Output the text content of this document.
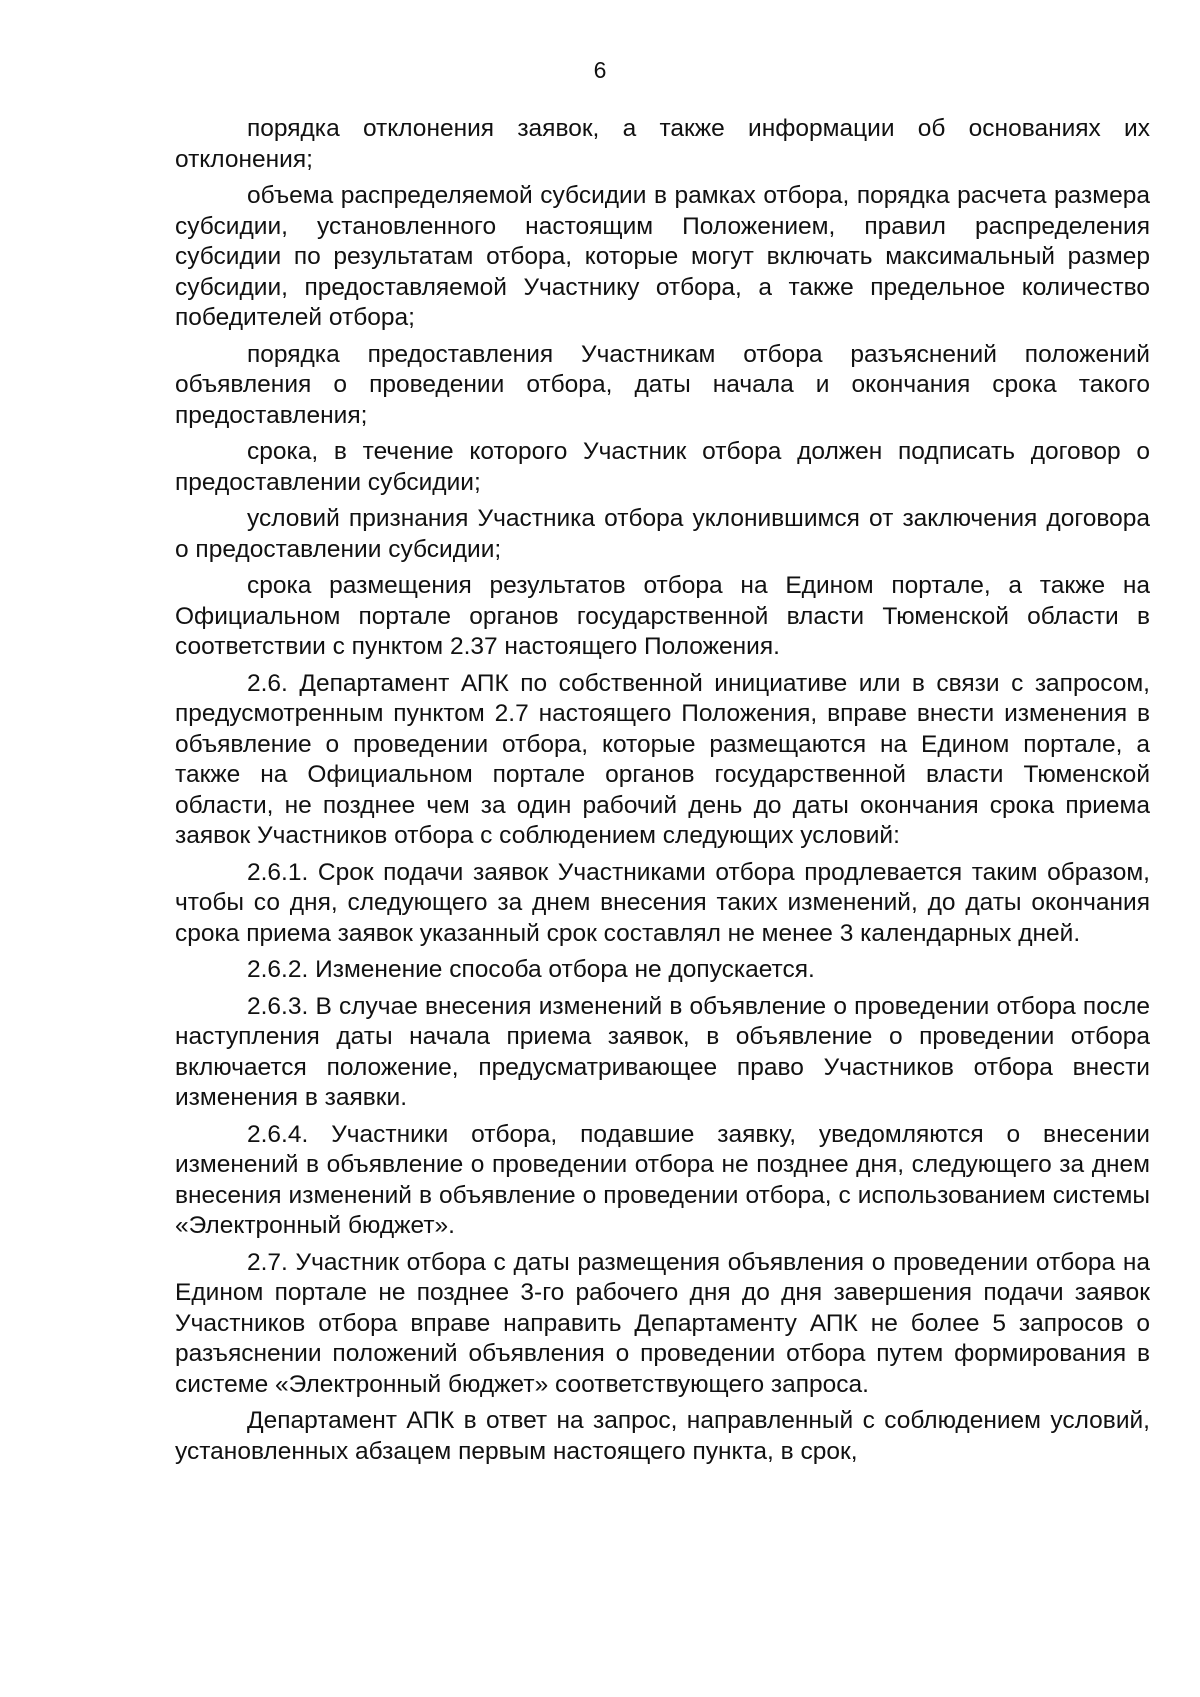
6

порядка отклонения заявок, а также информации об основаниях их отклонения;

объема распределяемой субсидии в рамках отбора, порядка расчета размера субсидии, установленного настоящим Положением, правил распределения субсидии по результатам отбора, которые могут включать максимальный размер субсидии, предоставляемой Участнику отбора, а также предельное количество победителей отбора;

порядка предоставления Участникам отбора разъяснений положений объявления о проведении отбора, даты начала и окончания срока такого предоставления;

срока, в течение которого Участник отбора должен подписать договор о предоставлении субсидии;

условий признания Участника отбора уклонившимся от заключения договора о предоставлении субсидии;

срока размещения результатов отбора на Едином портале, а также на Официальном портале органов государственной власти Тюменской области в соответствии с пунктом 2.37 настоящего Положения.

2.6. Департамент АПК по собственной инициативе или в связи с запросом, предусмотренным пунктом 2.7 настоящего Положения, вправе внести изменения в объявление о проведении отбора, которые размещаются на Едином портале, а также на Официальном портале органов государственной власти Тюменской области, не позднее чем за один рабочий день до даты окончания срока приема заявок Участников отбора с соблюдением следующих условий:

2.6.1. Срок подачи заявок Участниками отбора продлевается таким образом, чтобы со дня, следующего за днем внесения таких изменений, до даты окончания срока приема заявок указанный срок составлял не менее 3 календарных дней.

2.6.2. Изменение способа отбора не допускается.

2.6.3. В случае внесения изменений в объявление о проведении отбора после наступления даты начала приема заявок, в объявление о проведении отбора включается положение, предусматривающее право Участников отбора внести изменения в заявки.

2.6.4. Участники отбора, подавшие заявку, уведомляются о внесении изменений в объявление о проведении отбора не позднее дня, следующего за днем внесения изменений в объявление о проведении отбора, с использованием системы «Электронный бюджет».

2.7. Участник отбора с даты размещения объявления о проведении отбора на Едином портале не позднее 3-го рабочего дня до дня завершения подачи заявок Участников отбора вправе направить Департаменту АПК не более 5 запросов о разъяснении положений объявления о проведении отбора путем формирования в системе «Электронный бюджет» соответствующего запроса.

Департамент АПК в ответ на запрос, направленный с соблюдением условий, установленных абзацем первым настоящего пункта, в срок,
